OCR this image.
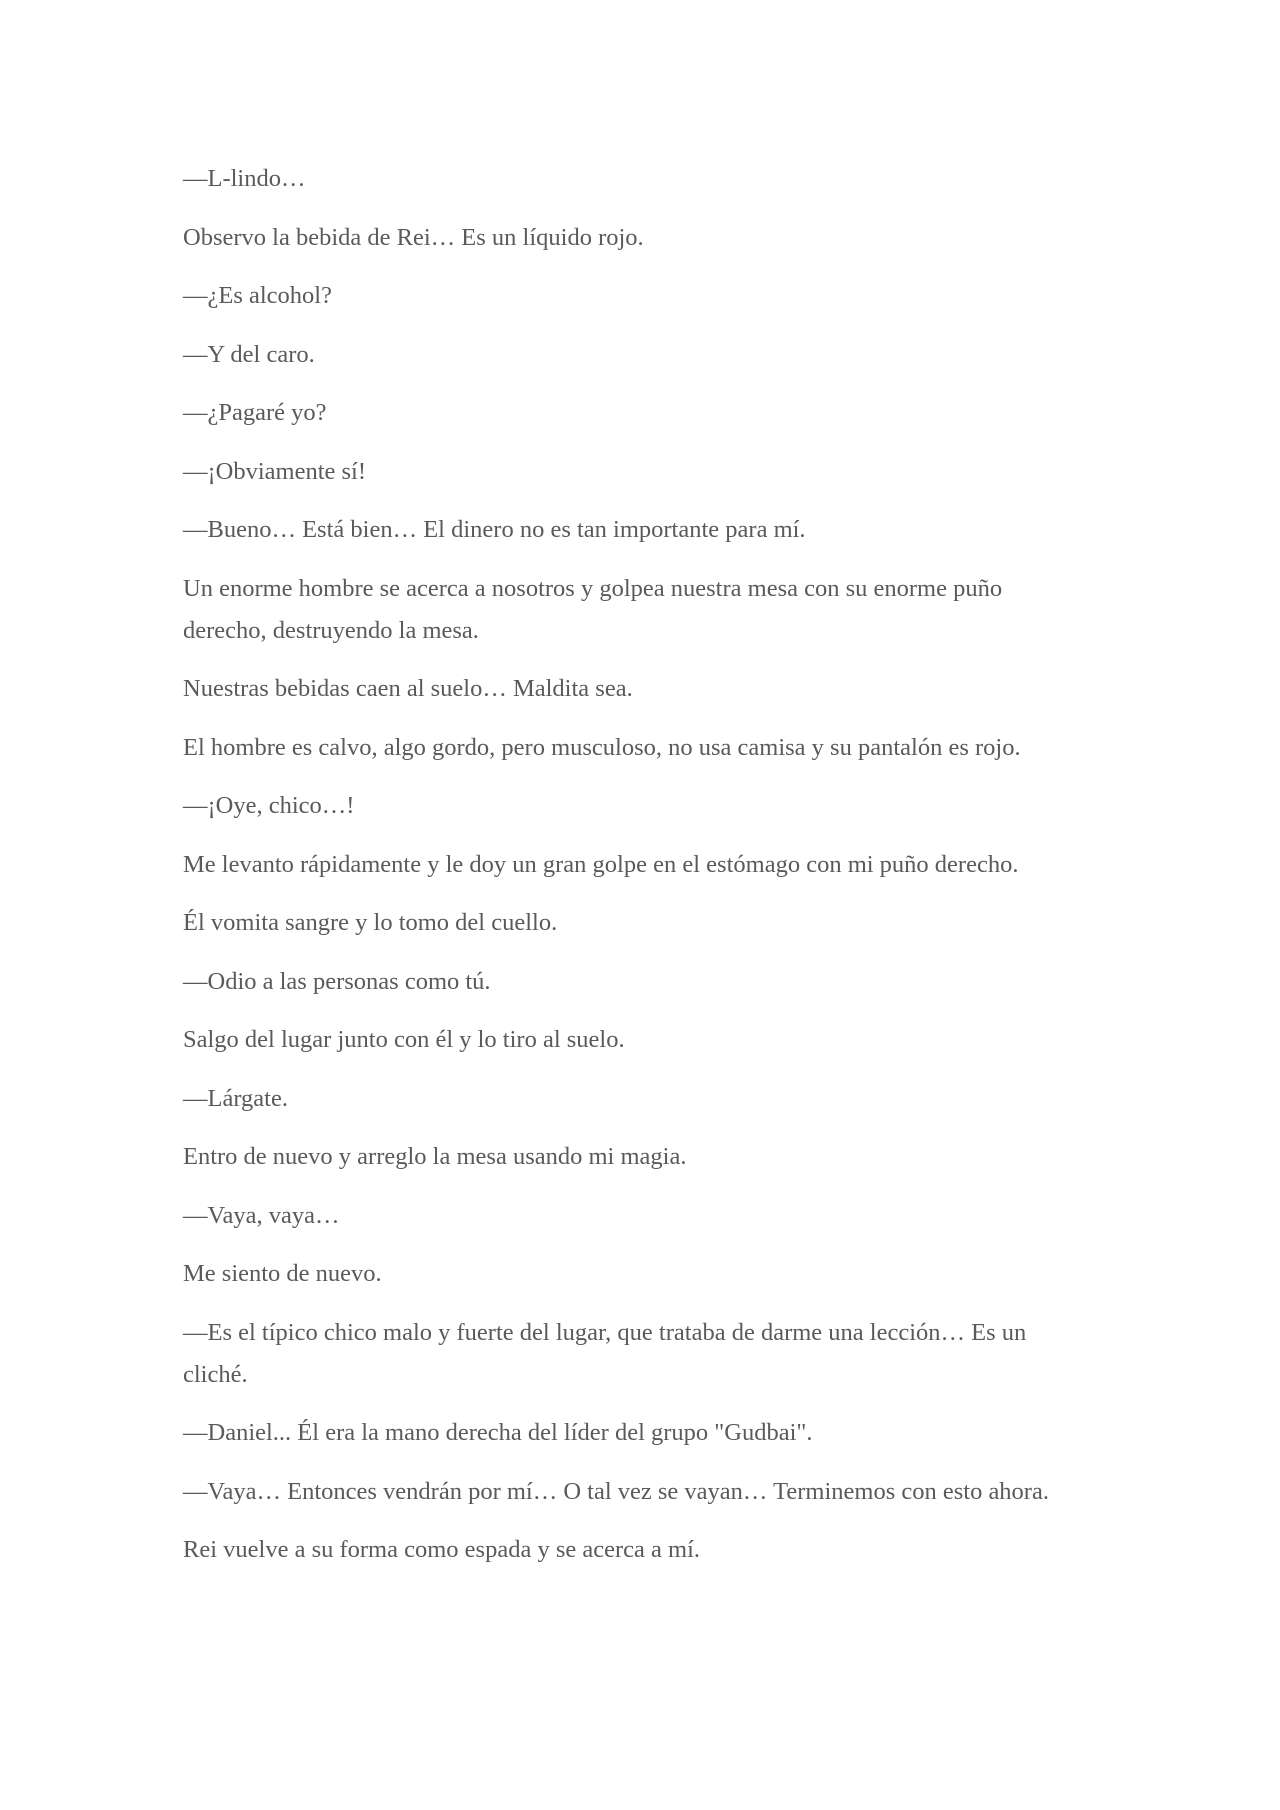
—L-lindo…

Observo la bebida de Rei… Es un líquido rojo.

—¿Es alcohol?

—Y del caro.

—¿Pagaré yo?

—¡Obviamente sí!

—Bueno… Está bien… El dinero no es tan importante para mí.

Un enorme hombre se acerca a nosotros y golpea nuestra mesa con su enorme puño derecho, destruyendo la mesa.

Nuestras bebidas caen al suelo… Maldita sea.

El hombre es calvo, algo gordo, pero musculoso, no usa camisa y su pantalón es rojo.

—¡Oye, chico…!

Me levanto rápidamente y le doy un gran golpe en el estómago con mi puño derecho.

Él vomita sangre y lo tomo del cuello.

—Odio a las personas como tú.

Salgo del lugar junto con él y lo tiro al suelo.

—Lárgate.

Entro de nuevo y arreglo la mesa usando mi magia.

—Vaya, vaya…

Me siento de nuevo.

—Es el típico chico malo y fuerte del lugar, que trataba de darme una lección… Es un cliché.

—Daniel... Él era la mano derecha del líder del grupo "Gudbai".

—Vaya… Entonces vendrán por mí… O tal vez se vayan… Terminemos con esto ahora.

Rei vuelve a su forma como espada y se acerca a mí.
